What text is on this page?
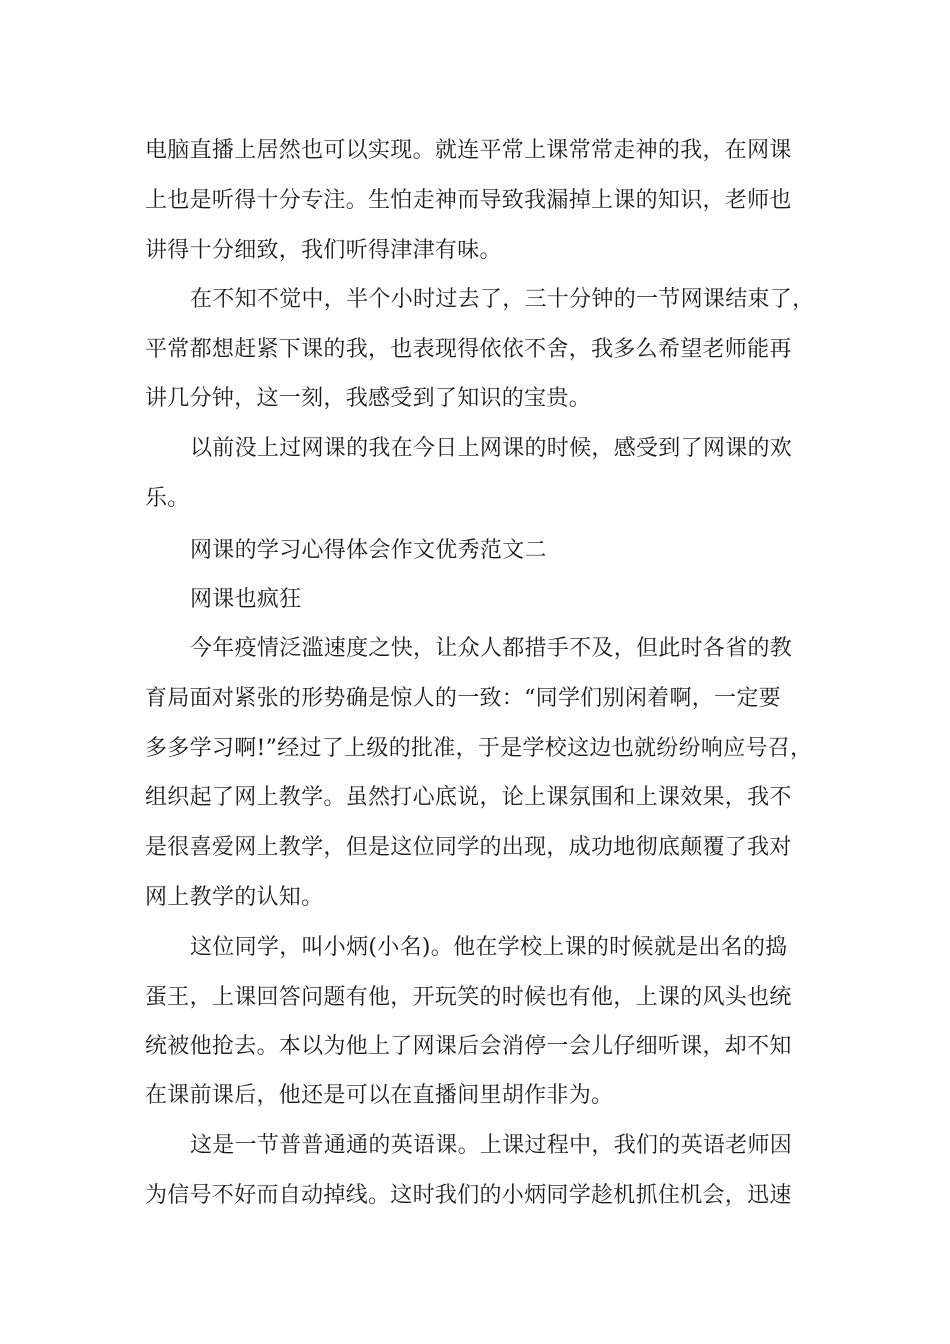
电脑直播上居然也可以实现。就连平常上课常常走神的我，在网课
上也是听得十分专注。生怕走神而导致我漏掉上课的知识，老师也
讲得十分细致，我们听得津津有味。
在不知不觉中，半个小时过去了，三十分钟的一节网课结束了，
平常都想赶紧下课的我，也表现得依依不舍，我多么希望老师能再
讲几分钟，这一刻，我感受到了知识的宝贵。
以前没上过网课的我在今日上网课的时候，感受到了网课的欢
乐。
网课的学习心得体会作文优秀范文二
网课也疯狂
今年疫情泛滥速度之快，让众人都措手不及，但此时各省的教
育局面对紧张的形势确是惊人的一致：“同学们别闲着啊，一定要
多多学习啊!”经过了上级的批准，于是学校这边也就纷纷响应号召，
组织起了网上教学。虽然打心底说，论上课氛围和上课效果，我不
是很喜爱网上教学，但是这位同学的出现，成功地彻底颠覆了我对
网上教学的认知。
这位同学，叫小炳(小名)。他在学校上课的时候就是出名的捣
蛋王，上课回答问题有他，开玩笑的时候也有他，上课的风头也统
统被他抢去。本以为他上了网课后会消停一会儿仔细听课，却不知
在课前课后，他还是可以在直播间里胡作非为。
这是一节普普通通的英语课。上课过程中，我们的英语老师因
为信号不好而自动掉线。这时我们的小炳同学趁机抓住机会，迅速
